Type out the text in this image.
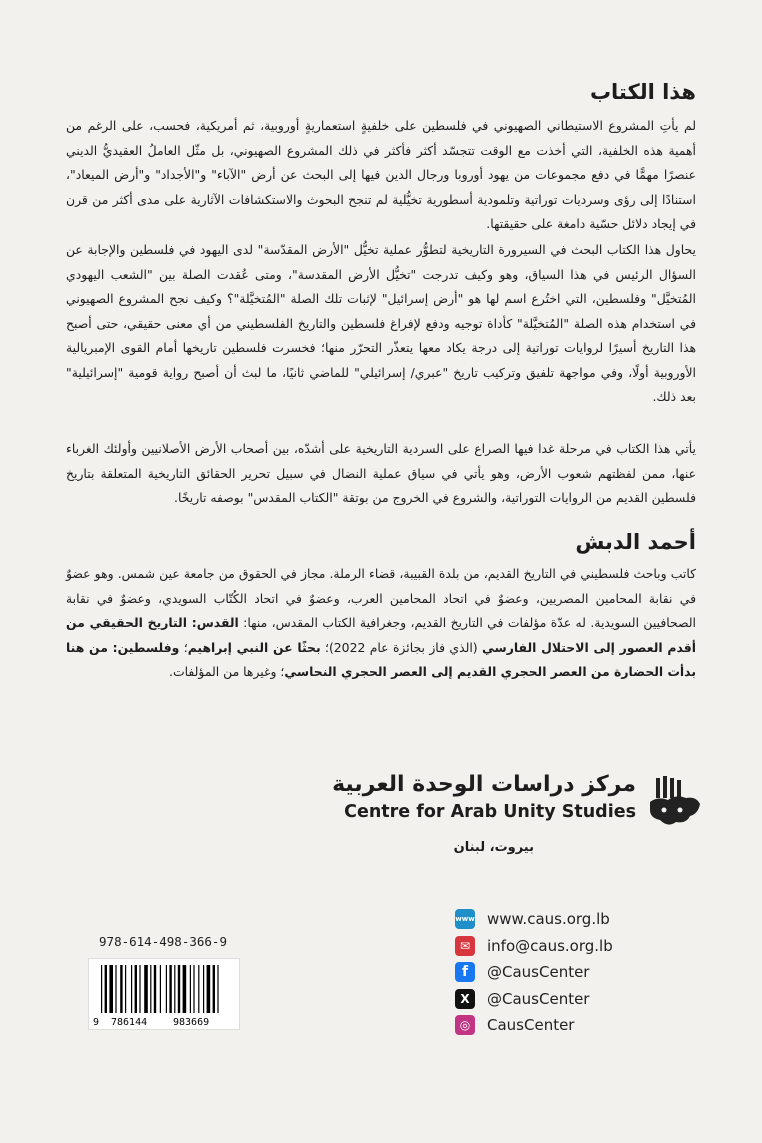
هذا الكتاب

لم يأتِ المشروع الاستيطاني الصهيوني في فلسطين على خلفيةٍ استعماريةٍ أوروبية، ثم أمريكية، فحسب، على الرغم من أهمية هذه الخلفية، التي أخذت مع الوقت تتجسّد أكثر فأكثر في ذلك المشروع الصهيوني، بل مثّل العاملُ العقيديُّ الديني عنصرًا مهمًّا في دفع مجموعات من يهود أوروبا ورجال الدين فيها إلى البحث عن أرض "الآباء" و"الأجداد" و"أرض الميعاد"، استنادًا إلى رؤى وسرديات توراتية وتلمودية أسطورية تخيُّلية لم تنجح البحوث والاستكشافات الآثارية على مدى أكثر من قرن في إيجاد دلائل حسّية دامغة على حقيقتها.

يحاول هذا الكتاب البحث في السيرورة التاريخية لتطوُّر عملية تخيُّل "الأرض المقدّسة" لدى اليهود في فلسطين والإجابة عن السؤال الرئيس في هذا السياق، وهو وكيف تدرجت "تخيُّل الأرض المقدسة"، ومتى عُقدت الصلة بين "الشعب اليهودي المُتخيَّل" وفلسطين، التي اختُرع اسم لها هو "أرض إسرائيل" لإثبات تلك الصلة "المُتخيَّلة"؟ وكيف نجح المشروع الصهيوني في استخدام هذه الصلة "المُتخيَّلة" كأداة توجيه ودفع لإفراغ فلسطين والتاريخ الفلسطيني من أي معنى حقيقي، حتى أصبح هذا التاريخ أسيرًا لروايات توراتية إلى درجة يكاد معها يتعذّر التحرّر منها؛ فخسرت فلسطين تاريخها أمام القوى الإمبريالية الأوروبية أولًا، وفي مواجهة تلفيق وتركيب تاريخ "عبري/ إسرائيلي" للماضي ثانيًا، ما لبث أن أصبح رواية قومية "إسرائيلية" بعد ذلك.

يأتي هذا الكتاب في مرحلة غدا فيها الصراع على السردية التاريخية على أشدّه، بين أصحاب الأرض الأصلانيين وأولئك الغرباء عنها، ممن لفظتهم شعوب الأرض، وهو يأتي في سياق عملية النضال في سبيل تحرير الحقائق التاريخية المتعلقة بتاريخ فلسطين القديم من الروايات التوراتية، والشروع في الخروج من بوتقة "الكتاب المقدس" بوصفه تاريخًا.

أحمد الدبش

كاتب وباحث فلسطيني في التاريخ القديم، من بلدة القبيبة، قضاء الرملة. مجاز في الحقوق من جامعة عين شمس. وهو عضوٌ في نقابة المحامين المصريين، وعضوٌ في اتحاد المحامين العرب، وعضوٌ في اتحاد الكُتّاب السويدي، وعضوٌ في نقابة الصحافيين السويدية. له عدّة مؤلفات في التاريخ القديم، وجغرافية الكتاب المقدس، منها: القدس: التاريخ الحقيقي من أقدم العصور إلى الاحتلال الفارسي (الذي فاز بجائزة عام 2022)؛ بحثًا عن النبي إبراهيم؛ وفلسطين: من هنا بدأت الحضارة من العصر الحجري القديم إلى العصر الحجري النحاسي؛ وغيرها من المؤلفات.

مركز دراسات الوحدة العربية
Centre for Arab Unity Studies
بيروت، لبنان
978-614-498-366-9
9 786144	983669
www www.caus.org.lb
✉	info@caus.org.lb
f	@CausCenter
X	@CausCenter
◎	CausCenter
